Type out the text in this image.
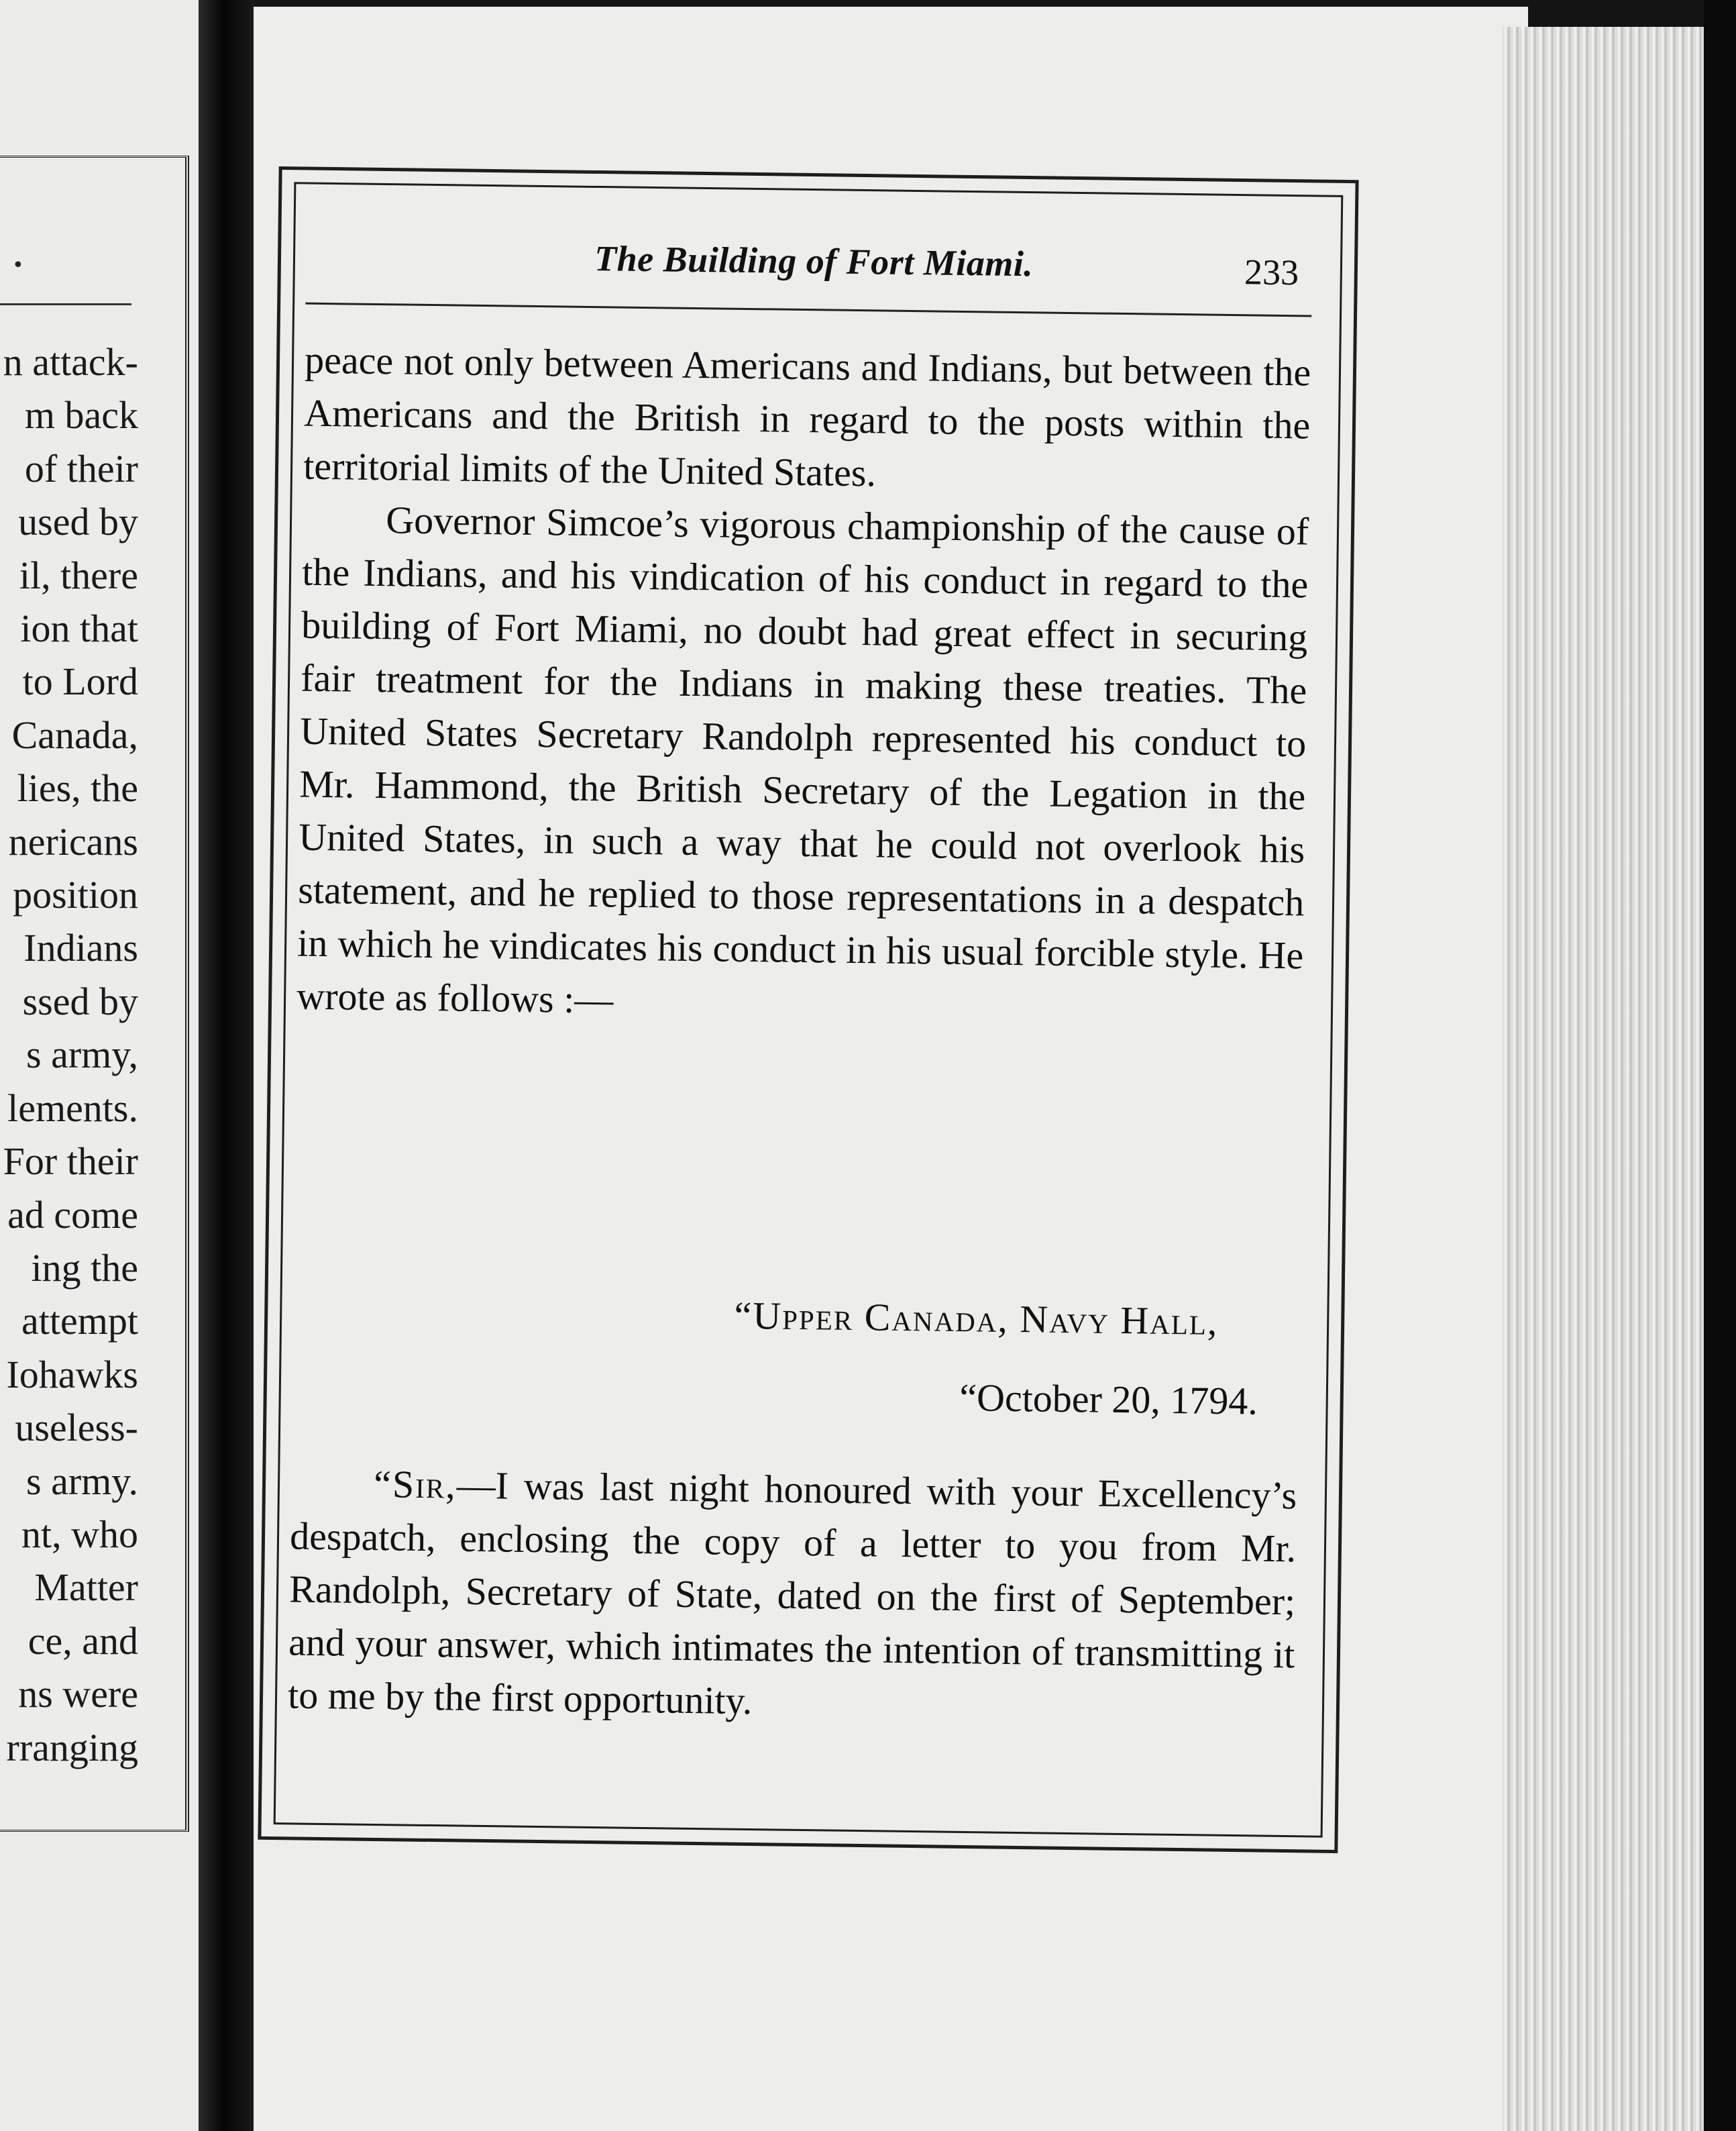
•
n attack-
m back
of their
used by
il, there
ion that
to Lord
Canada,
lies, the
nericans
position
Indians
ssed by
s army,
lements.
For their
ad come
ing the
attempt
Iohawks
useless-
s army.
nt, who
Matter
ce, and
ns were
rranging
The Building of Fort Miami.	233

peace not only between Americans and Indians, but between the Americans and the British in regard to the posts within the territorial limits of the United States.

Governor Simcoe’s vigorous championship of the cause of the Indians, and his vindication of his conduct in regard to the building of Fort Miami, no doubt had great effect in securing fair treatment for the Indians in making these treaties. The United States Secretary Randolph represented his conduct to Mr. Hammond, the British Secretary of the Legation in the United States, in such a way that he could not overlook his statement, and he replied to those representations in a despatch in which he vindicates his conduct in his usual forcible style. He wrote as follows :—

“Upper Canada, Navy Hall,
“October 20, 1794.

“Sir,—I was last night honoured with your Excellency’s despatch, enclosing the copy of a letter to you from Mr. Randolph, Secretary of State, dated on the first of September; and your answer, which intimates the intention of transmitting it to me by the first opportunity.
